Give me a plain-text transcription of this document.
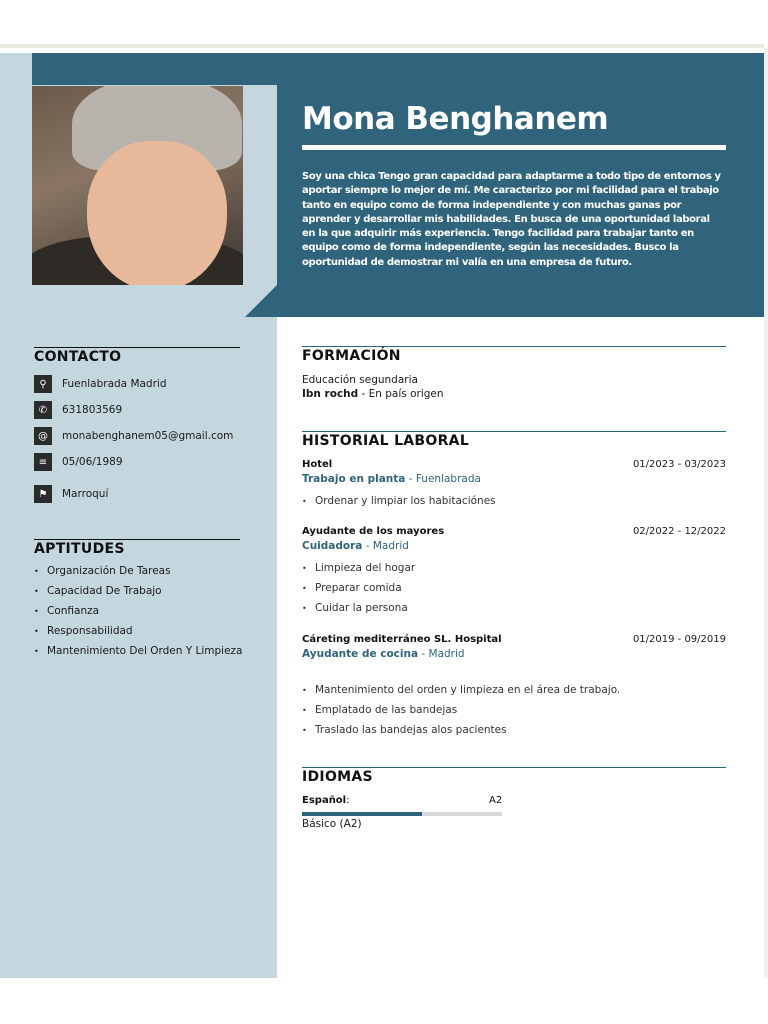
Mona Benghanem
Soy una chica Tengo gran capacidad para adaptarme a todo tipo de entornos y aportar siempre lo mejor de mí. Me caracterizo por mi facilidad para el trabajo tanto en equipo como de forma independiente y con muchas ganas por aprender y desarrollar mis habilidades. En busca de una oportunidad laboral en la que adquirir más experiencia. Tengo facilidad para trabajar tanto en equipo como de forma independiente, según las necesidades. Busco la oportunidad de demostrar mi valía en una empresa de futuro.
CONTACTO
⚲	Fuenlabrada Madrid
✆	631803569
@	monabenghanem05@gmail.com
≡	05/06/1989
⚑	Marroquí
APTITUDES
• Organización De Tareas
• Capacidad De Trabajo
• Confianza
• Responsabilidad
• Mantenimiento Del Orden Y Limpieza
FORMACIÓN
Educación segundaria
Ibn rochd - En país origen
HISTORIAL LABORAL
Hotel	01/2023 - 03/2023
Trabajo en planta - Fuenlabrada
• Ordenar y limpiar los habitaciónes
Ayudante de los mayores	02/2022 - 12/2022
Cuidadora - Madrid
• Limpieza del hogar
• Preparar comida
• Cuidar la persona
Cáreting mediterráneo SL. Hospital	01/2019 - 09/2019
Ayudante de cocina - Madrid
• Mantenimiento del orden y limpieza en el área de trabajo.
• Emplatado de las bandejas
• Traslado las bandejas alos pacientes
IDIOMAS
Español:	A2
Básico (A2)
